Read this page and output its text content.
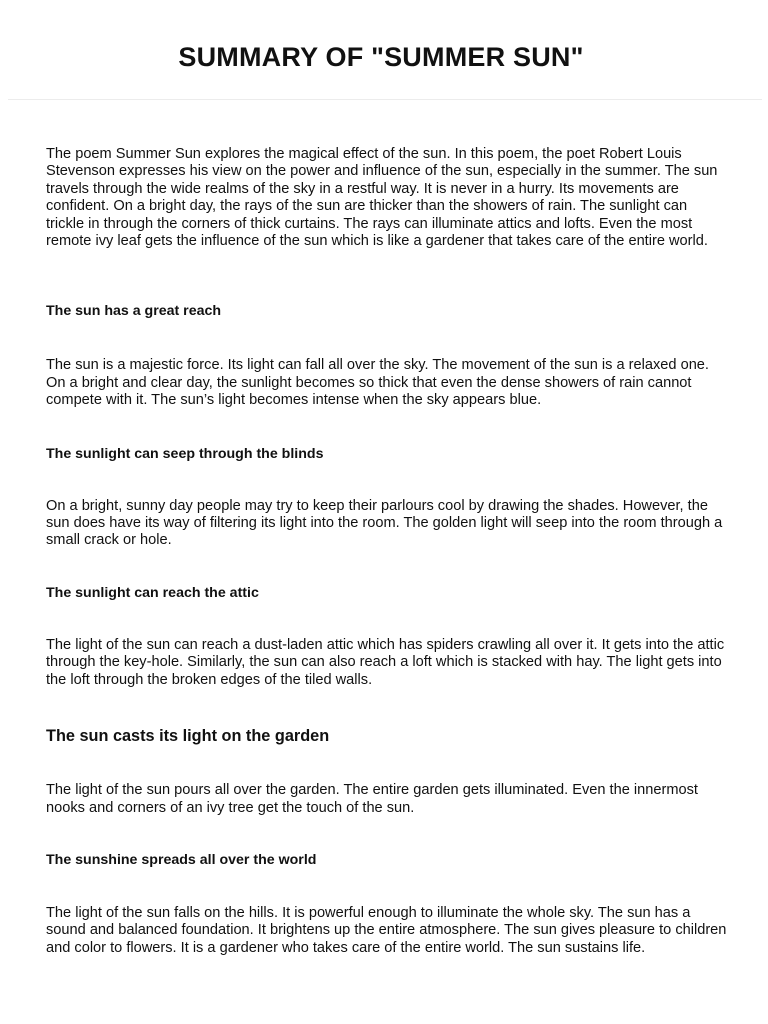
SUMMARY OF "SUMMER SUN"

The poem Summer Sun explores the magical effect of the sun. In this poem, the poet Robert Louis Stevenson expresses his view on the power and influence of the sun, especially in the summer. The sun travels through the wide realms of the sky in a restful way. It is never in a hurry. Its movements are confident. On a bright day, the rays of the sun are thicker than the showers of rain. The sunlight can trickle in through the corners of thick curtains. The rays can illuminate attics and lofts. Even the most remote ivy leaf gets the influence of the sun which is like a gardener that takes care of the entire world.

The sun has a great reach

The sun is a majestic force. Its light can fall all over the sky. The movement of the sun is a relaxed one. On a bright and clear day, the sunlight becomes so thick that even the dense showers of rain cannot compete with it. The sun’s light becomes intense when the sky appears blue.

The sunlight can seep through the blinds

On a bright, sunny day people may try to keep their parlours cool by drawing the shades. However, the sun does have its way of filtering its light into the room. The golden light will seep into the room through a small crack or hole.

The sunlight can reach the attic

The light of the sun can reach a dust-laden attic which has spiders crawling all over it. It gets into the attic through the key-hole. Similarly, the sun can also reach a loft which is stacked with hay. The light gets into the loft through the broken edges of the tiled walls.

The sun casts its light on the garden

The light of the sun pours all over the garden. The entire garden gets illuminated. Even the innermost nooks and corners of an ivy tree get the touch of the sun.

The sunshine spreads all over the world

The light of the sun falls on the hills. It is powerful enough to illuminate the whole sky. The sun has a sound and balanced foundation. It brightens up the entire atmosphere. The sun gives pleasure to children and color to flowers. It is a gardener who takes care of the entire world. The sun sustains life.
